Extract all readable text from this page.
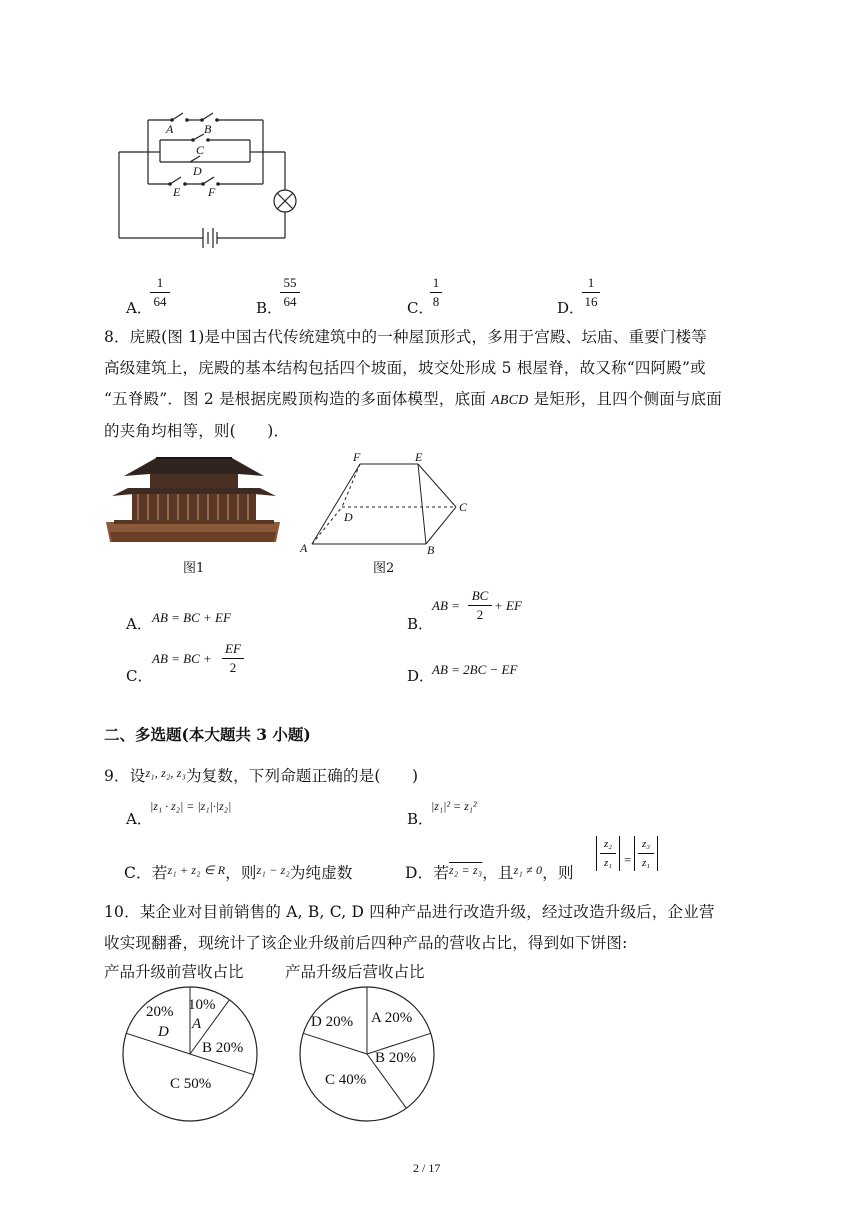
A	B
C
D
E F
A．
1
64	B．
55
64	C．
1
8	D．
1
16
8．庑殿(图 1)是中国古代传统建筑中的一种屋顶形式，多用于宫殿、坛庙、重要门楼等
高级建筑上，庑殿的基本结构包括四个坡面，坡交处形成 5 根屋脊，故又称“四阿殿”或
“五脊殿”．图 2 是根据庑殿顶构造的多面体模型，底面 ABCD 是矩形，且四个侧面与底面
的夹角均相等，则(　　)．
图1
F	E
D
C
A	B
图2
A． AB = BC + EF	B．
AB =
BC
2
+ EF
C．
AB = BC +
EF
2	D．
AB = 2BC − EF
二、多选题(本大题共 3 小题)
9．设$^{z_1, z_2, z_3}$为复数，下列命题正确的是(　　)
A．
|z₁ · z₂| = |z₁|·|z₂|
B．
|z₁|² = z₁²
C．若$^{z_1 + z_2 \in R}$，则$^{z_1 - z_2}$为纯虚数	D．若$^{z_2 = z_3}$，且$^{z_1 \ne 0}$，则
$\frac{\text{z₂}}{\text{z₁}} = \frac{\text{z₃}}{\text{z₁}}$
10．某企业对目前销售的 A, B, C, D 四种产品进行改造升级，经过改造升级后，企业营
收实现翻番，现统计了该企业升级前后四种产品的营收占比，得到如下饼图:
产品升级前营收占比	产品升级后营收占比
20%
D
10%
A
B 20%
C 50%
D 20% A 20%
B 20%
C 40%
2 / 17
